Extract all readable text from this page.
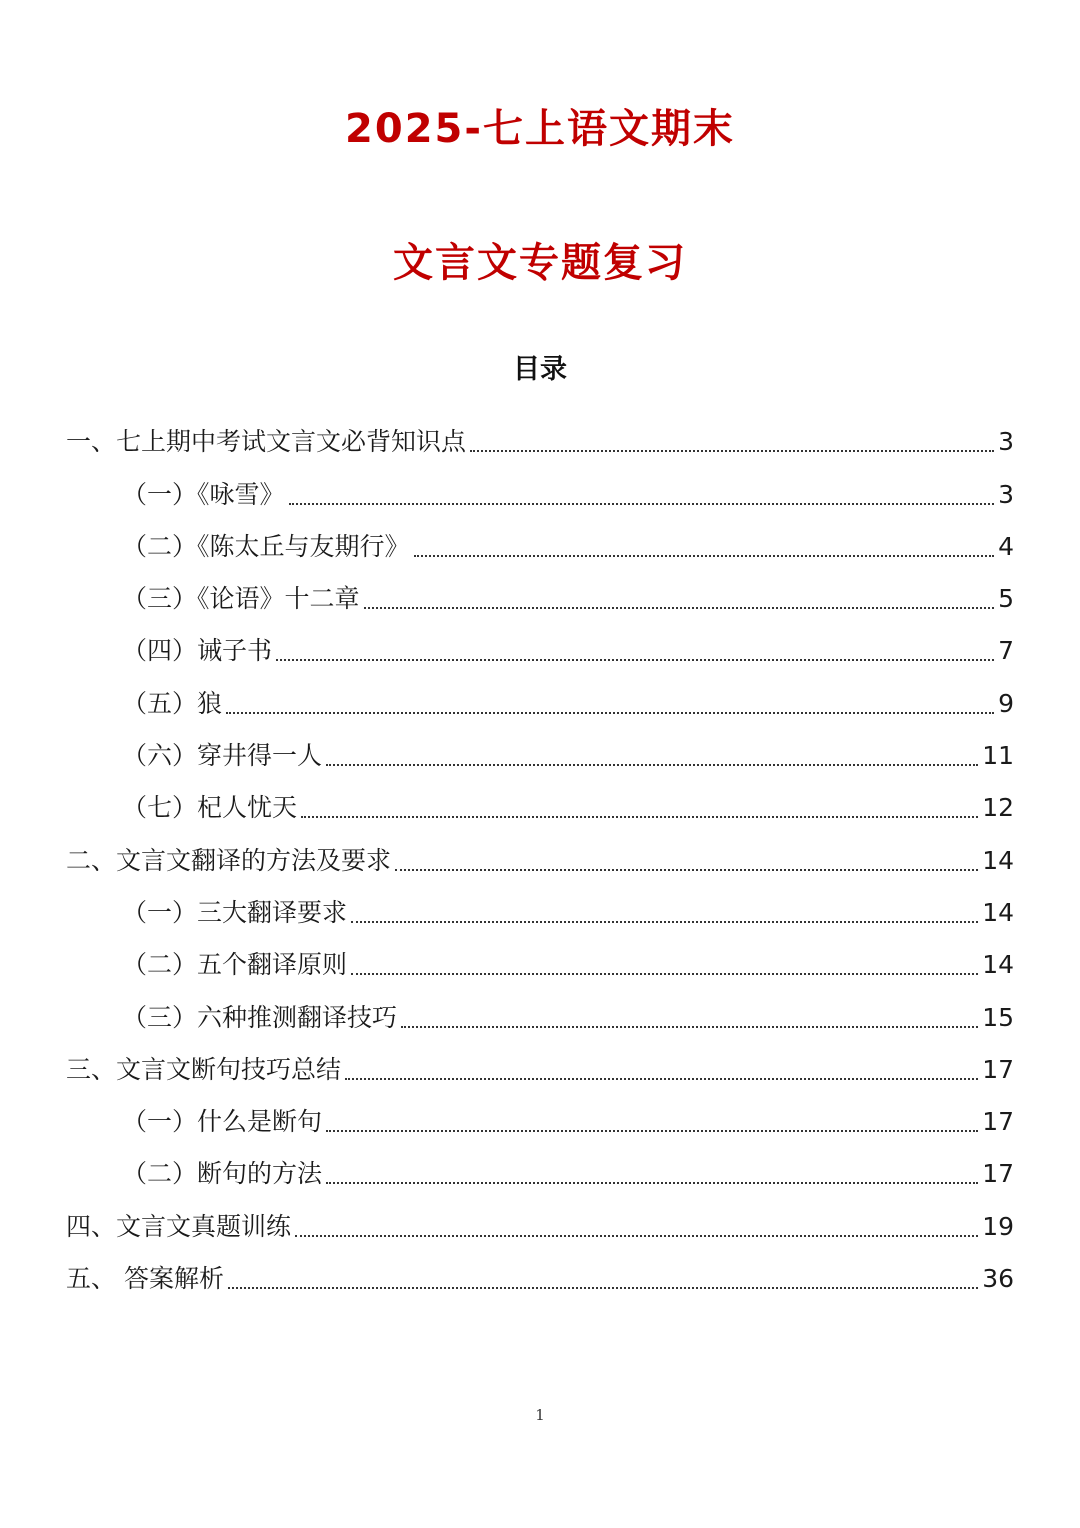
2025-七上语文期末
文言文专题复习
目录
一、七上期中考试文言文必背知识点	3
（一）《咏雪》	3
（二）《陈太丘与友期行》	4
（三）《论语》十二章	5
（四）诫子书	7
（五）狼	9
（六）穿井得一人	11
（七）杞人忧天	12
二、文言文翻译的方法及要求	14
（一）三大翻译要求	14
（二）五个翻译原则	14
（三）六种推测翻译技巧	15
三、文言文断句技巧总结	17
（一）什么是断句	17
（二）断句的方法	17
四、文言文真题训练	19
五、 答案解析	36
1
